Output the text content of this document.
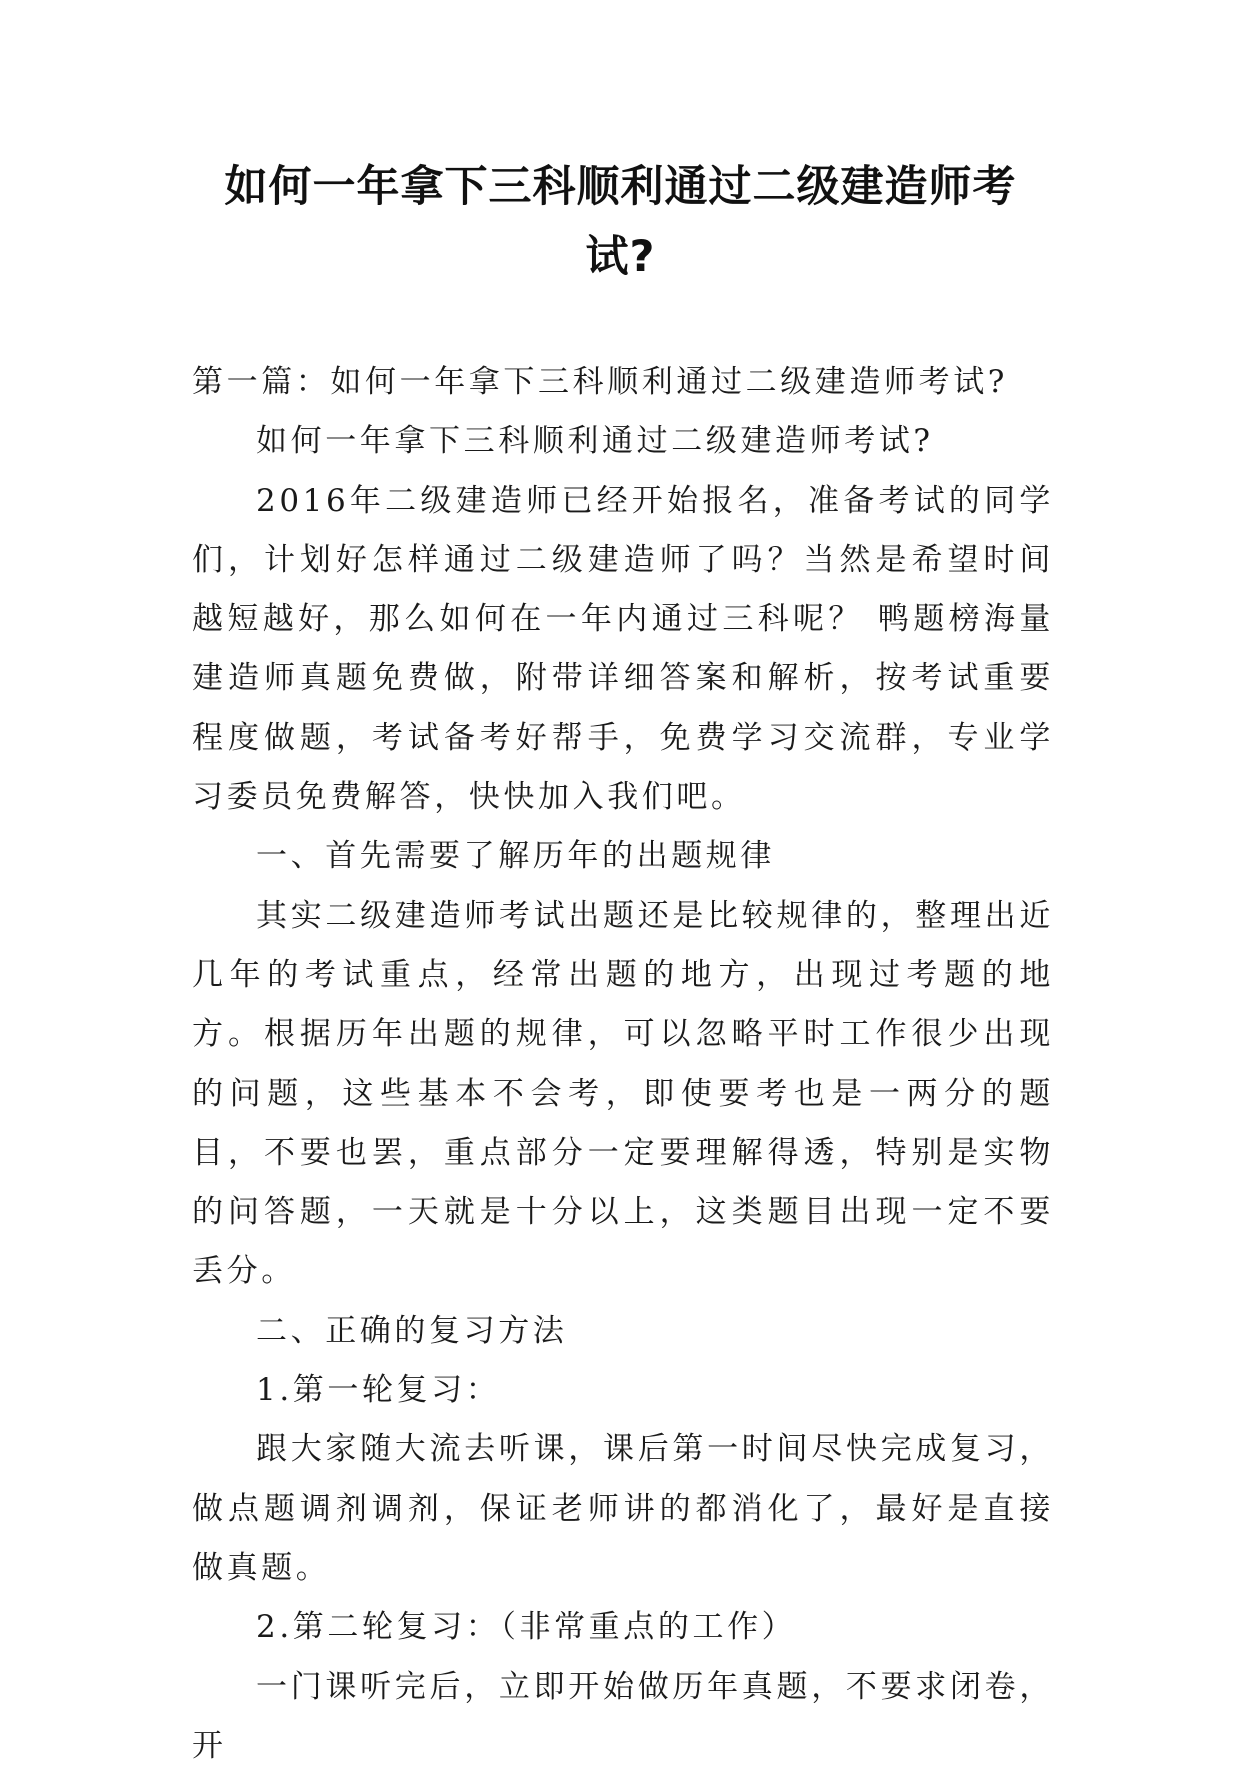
如何一年拿下三科顺利通过二级建造师考试?

第一篇：如何一年拿下三科顺利通过二级建造师考试?

如何一年拿下三科顺利通过二级建造师考试?

2016年二级建造师已经开始报名，准备考试的同学们，计划好怎样通过二级建造师了吗？当然是希望时间越短越好，那么如何在一年内通过三科呢？ 鸭题榜海量建造师真题免费做，附带详细答案和解析，按考试重要程度做题，考试备考好帮手，免费学习交流群，专业学习委员免费解答，快快加入我们吧。

一、首先需要了解历年的出题规律

其实二级建造师考试出题还是比较规律的，整理出近几年的考试重点，经常出题的地方，出现过考题的地方。根据历年出题的规律，可以忽略平时工作很少出现的问题，这些基本不会考，即使要考也是一两分的题目，不要也罢，重点部分一定要理解得透，特别是实物的问答题，一天就是十分以上，这类题目出现一定不要丢分。

二、正确的复习方法

1.第一轮复习：

跟大家随大流去听课，课后第一时间尽快完成复习，做点题调剂调剂，保证老师讲的都消化了，最好是直接做真题。

2.第二轮复习：（非常重点的工作）

一门课听完后，立即开始做历年真题，不要求闭卷，开
